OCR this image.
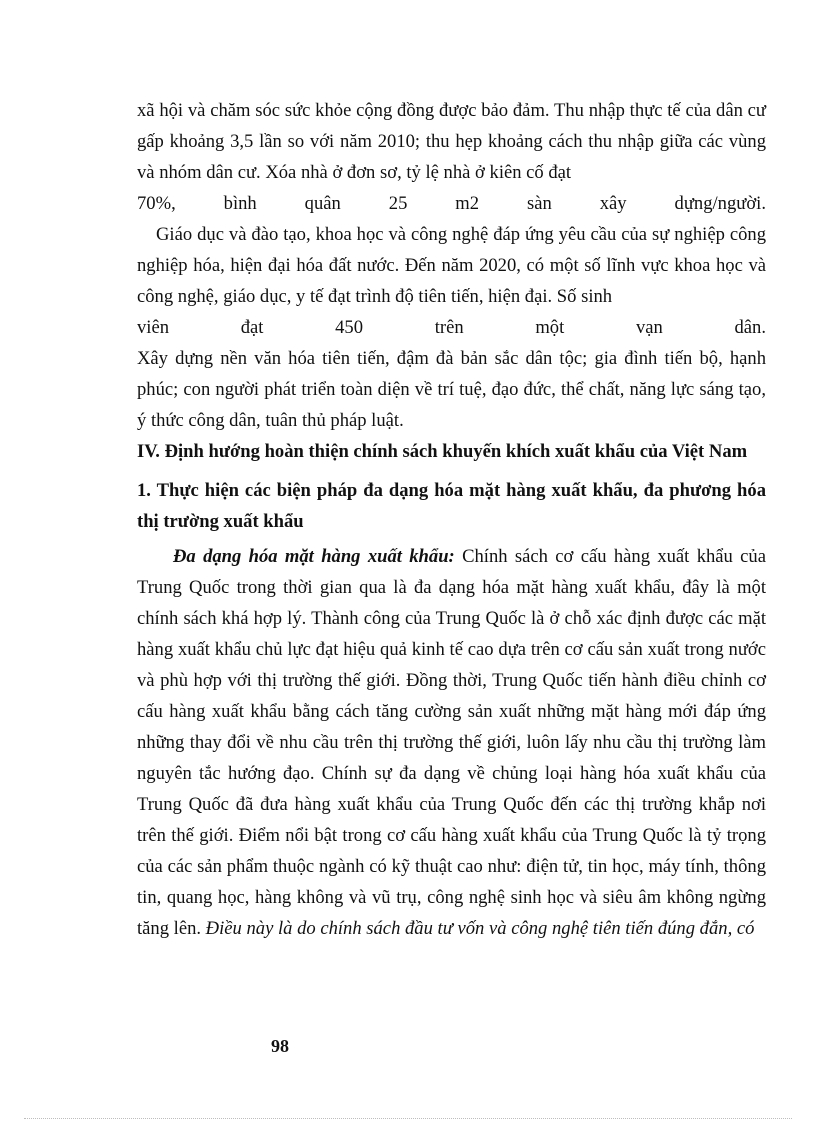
xã hội và chăm sóc sức khỏe cộng đồng được bảo đảm. Thu nhập thực tế của dân cư gấp khoảng 3,5 lần so với năm 2010; thu hẹp khoảng cách thu nhập giữa các vùng và nhóm dân cư. Xóa nhà ở đơn sơ, tỷ lệ nhà ở kiên cố đạt

70%, bình quân 25 m2 sàn xây dựng/người.

Giáo dục và đào tạo, khoa học và công nghệ đáp ứng yêu cầu của sự nghiệp công nghiệp hóa, hiện đại hóa đất nước. Đến năm 2020, có một số lĩnh vực khoa học và công nghệ, giáo dục, y tế đạt trình độ tiên tiến, hiện đại. Số sinh

viên đạt 450 trên một vạn dân.

Xây dựng nền văn hóa tiên tiến, đậm đà bản sắc dân tộc; gia đình tiến bộ, hạnh phúc; con người phát triển toàn diện về trí tuệ, đạo đức, thể chất, năng lực sáng tạo, ý thức công dân, tuân thủ pháp luật.

IV. Định hướng hoàn thiện chính sách khuyến khích xuất khẩu của Việt Nam
1. Thực hiện các biện pháp đa dạng hóa mặt hàng xuất khẩu, đa phương hóa thị trường xuất khẩu

Đa dạng hóa mặt hàng xuất khẩu: Chính sách cơ cấu hàng xuất khẩu của Trung Quốc trong thời gian qua là đa dạng hóa mặt hàng xuất khẩu, đây là một chính sách khá hợp lý. Thành công của Trung Quốc là ở chỗ xác định được các mặt hàng xuất khẩu chủ lực đạt hiệu quả kinh tế cao dựa trên cơ cấu sản xuất trong nước và phù hợp với thị trường thế giới. Đồng thời, Trung Quốc tiến hành điều chỉnh cơ cấu hàng xuất khẩu bằng cách tăng cường sản xuất những mặt hàng mới đáp ứng những thay đổi về nhu cầu trên thị trường thế giới, luôn lấy nhu cầu thị trường làm nguyên tắc hướng đạo. Chính sự đa dạng về chủng loại hàng hóa xuất khẩu của Trung Quốc đã đưa hàng xuất khẩu của Trung Quốc đến các thị trường khắp nơi trên thế giới. Điểm nổi bật trong cơ cấu hàng xuất khẩu của Trung Quốc là tỷ trọng của các sản phẩm thuộc ngành có kỹ thuật cao như: điện tử, tin học, máy tính, thông tin, quang học, hàng không và vũ trụ, công nghệ sinh học và siêu âm không ngừng tăng lên. Điều này là do chính sách đầu tư vốn và công nghệ tiên tiến đúng đắn, có

98
